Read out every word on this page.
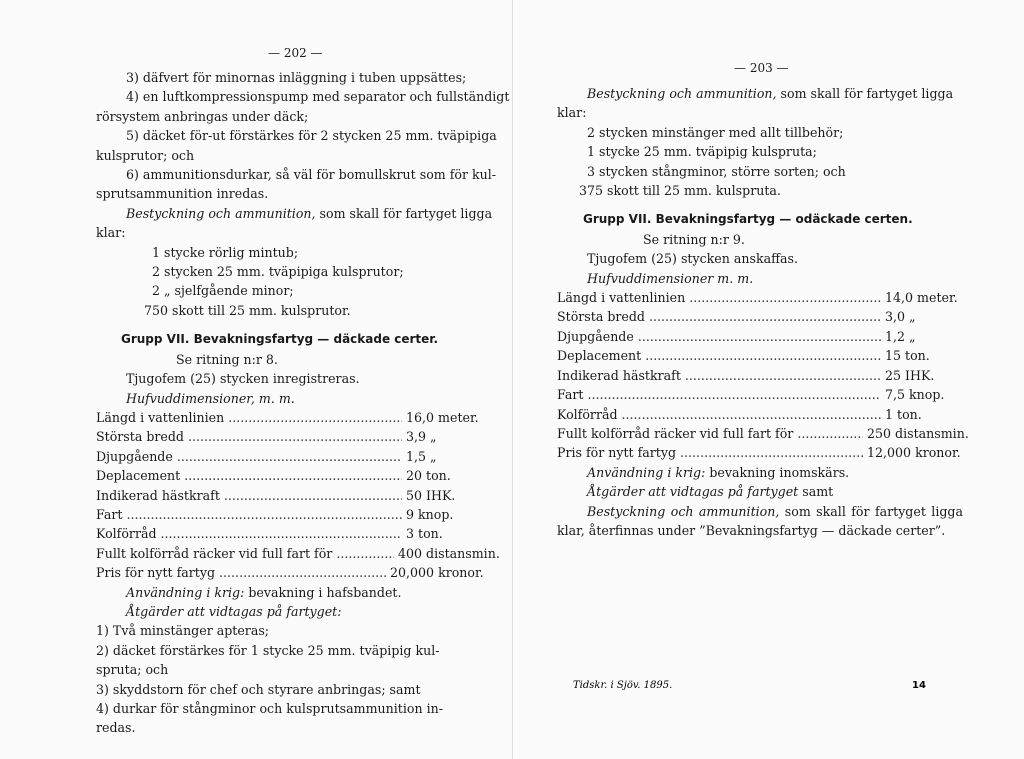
— 202 —
3) däfvert för minornas inläggning i tuben uppsättes;
4) en luftkompressionspump med separator och fullständigt
rörsystem anbringas under däck;
5) däcket för-ut förstärkes för 2 stycken 25 mm. tväpipiga
kulsprutor; och
6) ammunitionsdurkar, så väl för bomullskrut som för kul-
sprutsammunition inredas.
Bestyckning och ammunition, som skall för fartyget ligga
klar:
1 stycke rörlig mintub;
2 stycken 25 mm. tväpipiga kulsprutor;
2 „ sjelfgående minor;
750 skott till 25 mm. kulsprutor.
Grupp VII. Bevakningsfartyg — däckade certer.
Se ritning n:r 8.
Tjugofem (25) stycken inregistreras.
Hufvuddimensioner, m. m.
Längd i vattenlinien .....	16,0 meter.
Största bredd .....	3,9 „
Djupgående .....	1,5 „
Deplacement .....	20 ton.
Indikerad hästkraft .....	50 IHK.
Fart .....	9 knop.
Kolförråd .....	3 ton.
Fullt kolförråd räcker vid full fart för .....	400 distansmin.
Pris för nytt fartyg .....	20,000 kronor.
Användning i krig: bevakning i hafsbandet.
Åtgärder att vidtagas på fartyget:
1) Två minstänger apteras;
2) däcket förstärkes för 1 stycke 25 mm. tväpipig kul-
spruta; och
3) skyddstorn för chef och styrare anbringas; samt
4) durkar för stångminor och kulsprutsammunition in-
redas.
— 203 —
Bestyckning och ammunition, som skall för fartyget ligga
klar:
2 stycken minstänger med allt tillbehör;
1 stycke 25 mm. tväpipig kulspruta;
3 stycken stångminor, större sorten; och
375 skott till 25 mm. kulspruta.
Grupp VII. Bevakningsfartyg — odäckade certen.
Se ritning n:r 9.
Tjugofem (25) stycken anskaffas.
Hufvuddimensioner m. m.
Längd i vattenlinien .....	14,0 meter.
Största bredd .....	3,0 „
Djupgående .....	1,2 „
Deplacement .....	15 ton.
Indikerad hästkraft .....	25 IHK.
Fart .....	7,5 knop.
Kolförråd .....	1 ton.
Fullt kolförråd räcker vid full fart för .....	250 distansmin.
Pris för nytt fartyg .....	12,000 kronor.
Användning i krig: bevakning inomskärs.
Åtgärder att vidtagas på fartyget samt
Bestyckning och ammunition, som skall för fartyget ligga klar, återfinnas under ”Bevakningsfartyg — däckade certer”.
Tidskr. i Sjöv. 1895.	14
